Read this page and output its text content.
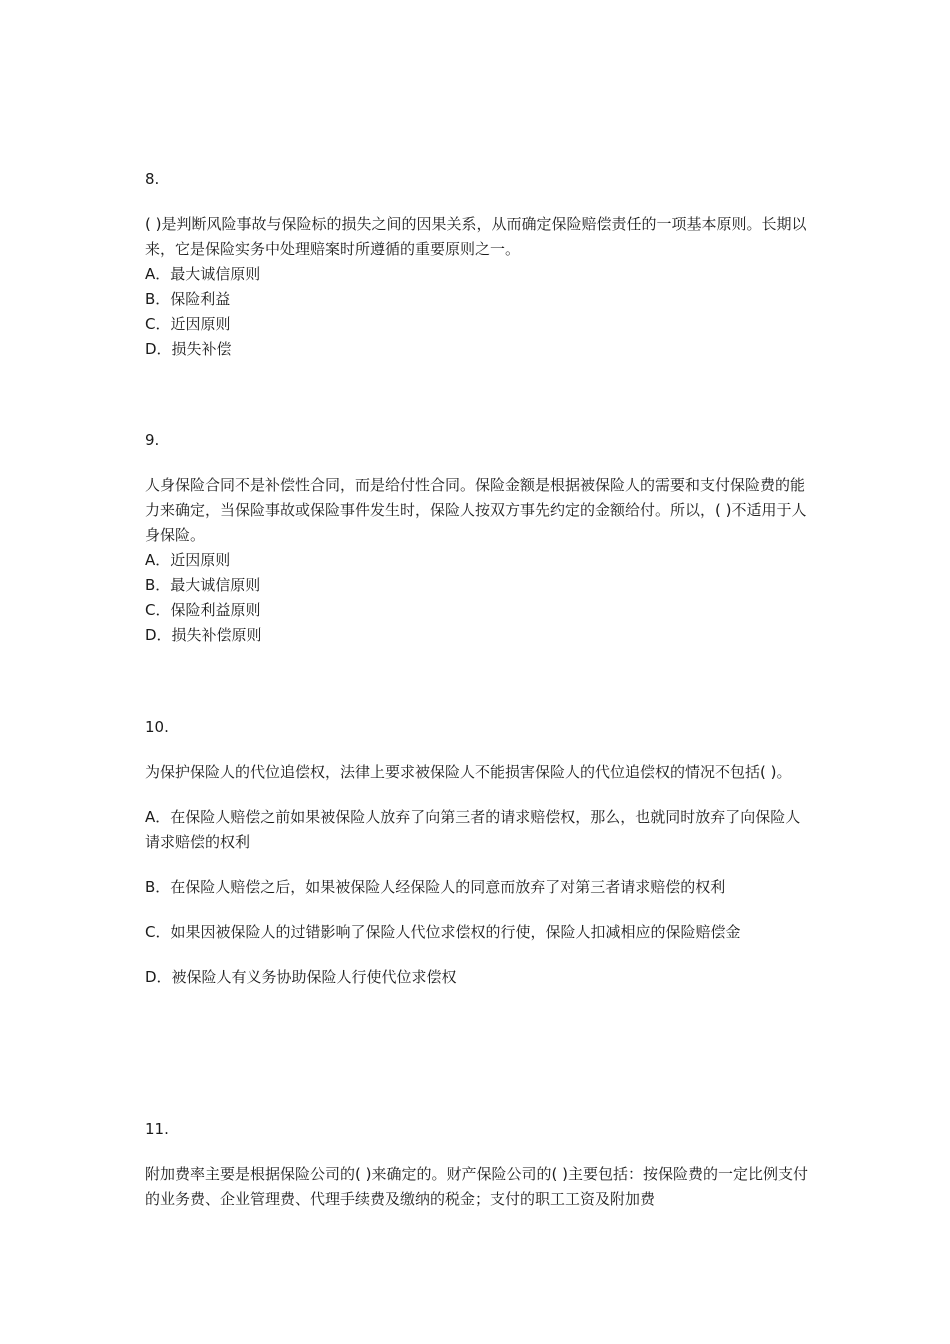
8.

( )是判断风险事故与保险标的损失之间的因果关系，从而确定保险赔偿责任的一项基本原则。长期以来，它是保险实务中处理赔案时所遵循的重要原则之一。

A．最大诚信原则

B．保险利益

C．近因原则

D．损失补偿

9.

人身保险合同不是补偿性合同，而是给付性合同。保险金额是根据被保险人的需要和支付保险费的能力来确定，当保险事故或保险事件发生时，保险人按双方事先约定的金额给付。所以，( )不适用于人身保险。

A．近因原则

B．最大诚信原则

C．保险利益原则

D．损失补偿原则

10.

为保护保险人的代位追偿权，法律上要求被保险人不能损害保险人的代位追偿权的情况不包括( )。

A．在保险人赔偿之前如果被保险人放弃了向第三者的请求赔偿权，那么，也就同时放弃了向保险人请求赔偿的权利

B．在保险人赔偿之后，如果被保险人经保险人的同意而放弃了对第三者请求赔偿的权利

C．如果因被保险人的过错影响了保险人代位求偿权的行使，保险人扣减相应的保险赔偿金

D．被保险人有义务协助保险人行使代位求偿权

11.

附加费率主要是根据保险公司的( )来确定的。财产保险公司的( )主要包括：按保险费的一定比例支付的业务费、企业管理费、代理手续费及缴纳的税金；支付的职工工资及附加费
